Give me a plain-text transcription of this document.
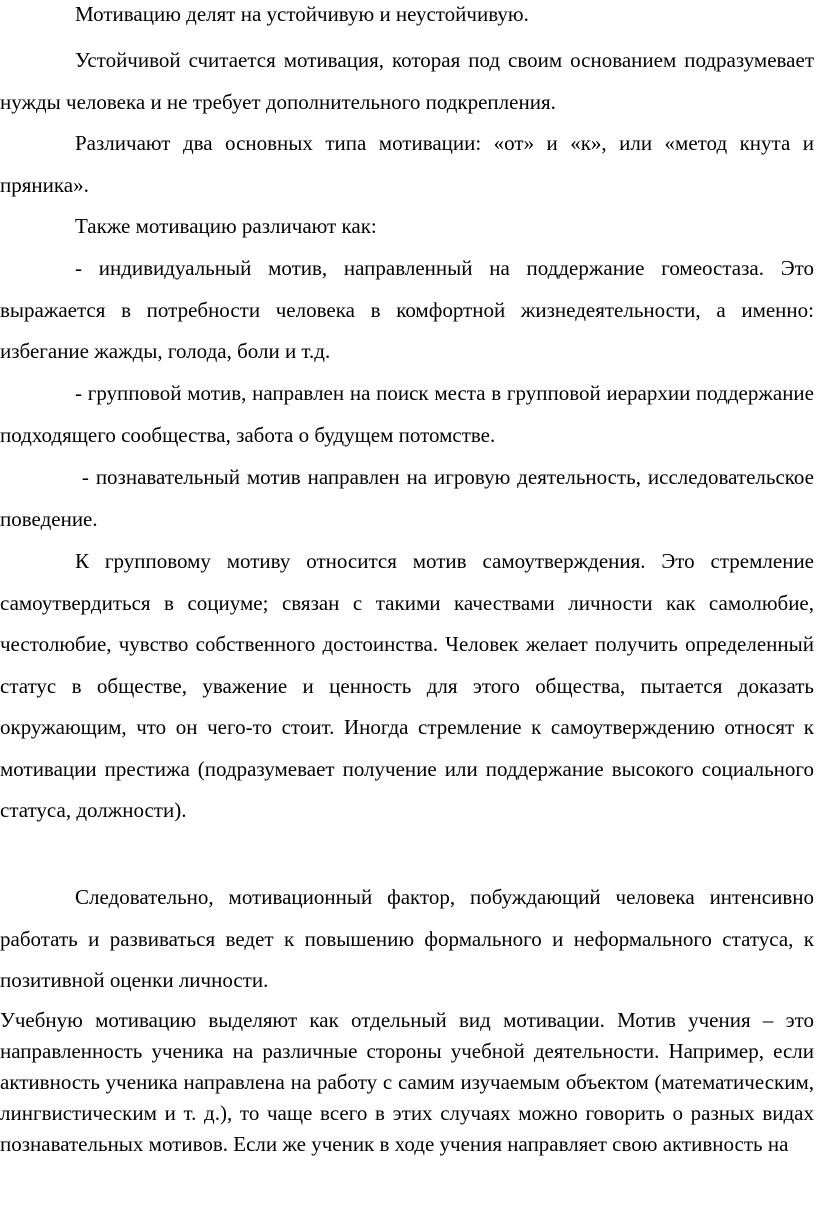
Мотивацию делят на устойчивую и неустойчивую.

Устойчивой считается мотивация, которая под своим основанием подразумевает нужды человека и не требует дополнительного подкрепления.

Различают два основных типа мотивации: «от» и «к», или «метод кнута и пряника».

Также мотивацию различают как:

- индивидуальный мотив, направленный на поддержание гомеостаза. Это выражается в потребности человека в комфортной жизнедеятельности, а именно: избегание жажды, голода, боли и т.д.

- групповой мотив, направлен на поиск места в групповой иерархии поддержание подходящего сообщества, забота о будущем потомстве.

- познавательный мотив направлен на игровую деятельность, исследовательское поведение.

К групповому мотиву относится мотив самоутверждения. Это стремление самоутвердиться в социуме; связан с такими качествами личности как самолюбие, честолюбие, чувство собственного достоинства. Человек желает получить определенный статус в обществе, уважение и ценность для этого общества, пытается доказать окружающим, что он чего-то стоит. Иногда стремление к самоутверждению относят к мотивации престижа (подразумевает получение или поддержание высокого социального статуса, должности).

Следовательно, мотивационный фактор, побуждающий человека интенсивно работать и развиваться ведет к повышению формального и неформального статуса, к позитивной оценки личности.

Учебную мотивацию выделяют как отдельный вид мотивации. Мотив учения – это направленность ученика на различные стороны учебной деятельности. Например, если активность ученика направлена на работу с самим изучаемым объектом (математическим, лингвистическим и т. д.), то чаще всего в этих случаях можно говорить о разных видах познавательных мотивов. Если же ученик в ходе учения направляет свою активность на
